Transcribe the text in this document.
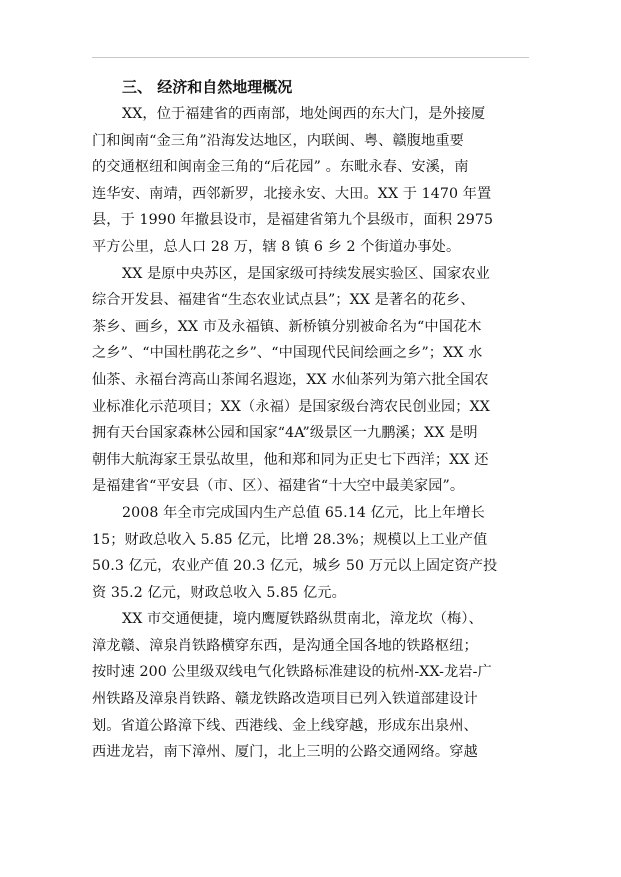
三、 经济和自然地理概况
XX，位于福建省的西南部，地处闽西的东大门，是外接厦
门和闽南“金三角”沿海发达地区，内联闽、粤、赣腹地重要
的交通枢纽和闽南金三角的“后花园” 。东毗永春、安溪，南
连华安、南靖，西邻新罗，北接永安、大田。XX 于 1470 年置
县，于 1990 年撤县设市，是福建省第九个县级市，面积 2975
平方公里，总人口 28 万，辖 8 镇 6 乡 2 个街道办事处。
XX 是原中央苏区，是国家级可持续发展实验区、国家农业
综合开发县、福建省“生态农业试点县”；XX 是著名的花乡、
茶乡、画乡，XX 市及永福镇、新桥镇分别被命名为“中国花木
之乡”、“中国杜鹃花之乡”、“中国现代民间绘画之乡”；XX 水
仙茶、永福台湾高山茶闻名遐迩，XX 水仙茶列为第六批全国农
业标准化示范项目；XX（永福）是国家级台湾农民创业园；XX
拥有天台国家森林公园和国家“4A”级景区一九鹏溪；XX 是明
朝伟大航海家王景弘故里，他和郑和同为正史七下西洋；XX 还
是福建省“平安县（市、区）、福建省“十大空中最美家园”。
2008 年全市完成国内生产总值 65.14 亿元，比上年增长
15；财政总收入 5.85 亿元，比增 28.3%；规模以上工业产值
50.3 亿元，农业产值 20.3 亿元，城乡 50 万元以上固定资产投
资 35.2 亿元，财政总收入 5.85 亿元。
XX 市交通便捷，境内鹰厦铁路纵贯南北，漳龙坎（梅）、
漳龙赣、漳泉肖铁路横穿东西，是沟通全国各地的铁路枢纽；
按时速 200 公里级双线电气化铁路标准建设的杭州-XX-龙岩-广
州铁路及漳泉肖铁路、赣龙铁路改造项目已列入铁道部建设计
划。省道公路漳下线、西港线、金上线穿越，形成东出泉州、
西进龙岩，南下漳州、厦门，北上三明的公路交通网络。穿越
